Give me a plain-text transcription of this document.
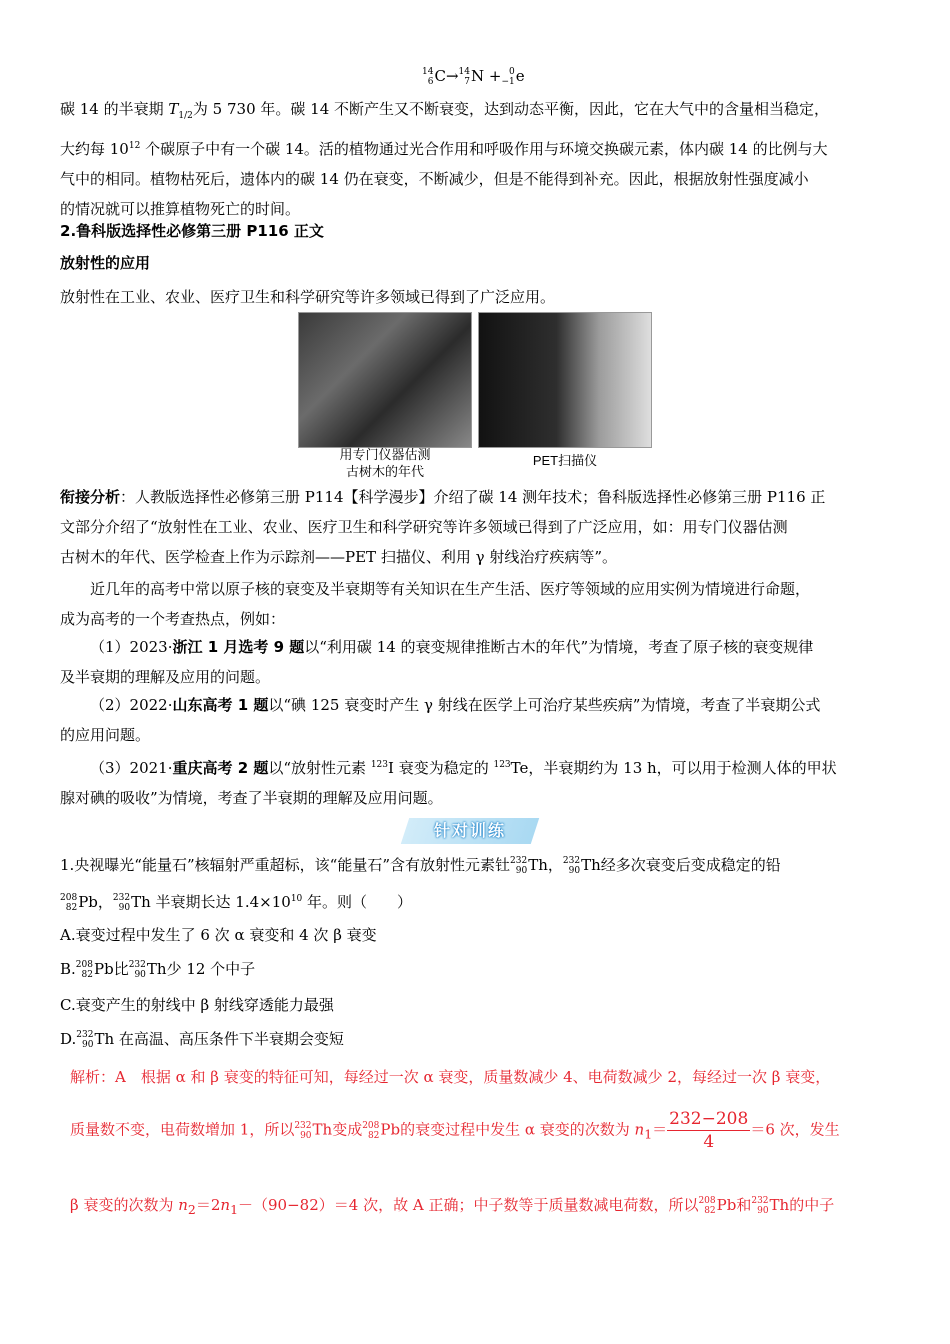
14
6 C→ 14
7 N + 0
−1 e
碳 14 的半衰期 $T_{1/2}$为 5 730 年。碳 14 不断产生又不断衰变，达到动态平衡，因此，它在大气中的含量相当稳定，
大约每 $10^{12}$ 个碳原子中有一个碳 14。活的植物通过光合作用和呼吸作用与环境交换碳元素，体内碳 14 的比例与大
气中的相同。植物枯死后，遗体内的碳 14 仍在衰变，不断减少，但是不能得到补充。因此，根据放射性强度减小
的情况就可以推算植物死亡的时间。
2.鲁科版选择性必修第三册 P116 正文
放射性的应用
放射性在工业、农业、医疗卫生和科学研究等许多领域已得到了广泛应用。
用专门仪器估测
古树木的年代
PET扫描仪
衔接分析：人教版选择性必修第三册 P114【科学漫步】介绍了碳 14 测年技术；鲁科版选择性必修第三册 P116 正
文部分介绍了“放射性在工业、农业、医疗卫生和科学研究等许多领域已得到了广泛应用，如：用专门仪器估测
古树木的年代、医学检查上作为示踪剂——PET 扫描仪、利用 γ 射线治疗疾病等”。
近几年的高考中常以原子核的衰变及半衰期等有关知识在生产生活、医疗等领域的应用实例为情境进行命题，
成为高考的一个考查热点，例如：
（1）2023·浙江 1 月选考 9 题以“利用碳 14 的衰变规律推断古木的年代”为情境，考查了原子核的衰变规律
及半衰期的理解及应用的问题。
（2）2022·山东高考 1 题以“碘 125 衰变时产生 γ 射线在医学上可治疗某些疾病”为情境，考查了半衰期公式
的应用问题。
（3）2021·重庆高考 2 题以“放射性元素 $^{123}$I 衰变为稳定的 $^{123}$Te，半衰期约为 13 h，可以用于检测人体的甲状
腺对碘的吸收”为情境，考查了半衰期的理解及应用问题。
针对训练
1.央视曝光“能量石”核辐射严重超标，该“能量石”含有放射性元素钍 232
90 Th， 232
90 Th经多次衰变后变成稳定的铅
208
82 Pb， 232
90 Th 半衰期长达 $1.4\times 10^{10}$ 年。则（　　）
A.衰变过程中发生了 6 次 α 衰变和 4 次 β 衰变
B. 208
82 Pb比 232
90 Th少 12 个中子
C.衰变产生的射线中 β 射线穿透能力最强
D. 232
90 Th 在高温、高压条件下半衰期会变短
解析：A　根据 α 和 β 衰变的特征可知，每经过一次 α 衰变，质量数减少 4、电荷数减少 2，每经过一次 β 衰变，
质量数不变，电荷数增加 1，所以 232
90 Th变成 208
82 Pb的衰变过程中发生 α 衰变的次数为 $n_1= \frac{232-208}{4} =6$ 次，发生
β 衰变的次数为 $n_2=2n_1-(90-82)=4$ 次，故 A 正确；中子数等于质量数减电荷数，所以 208
82 Pb和 232
90 Th的中子
